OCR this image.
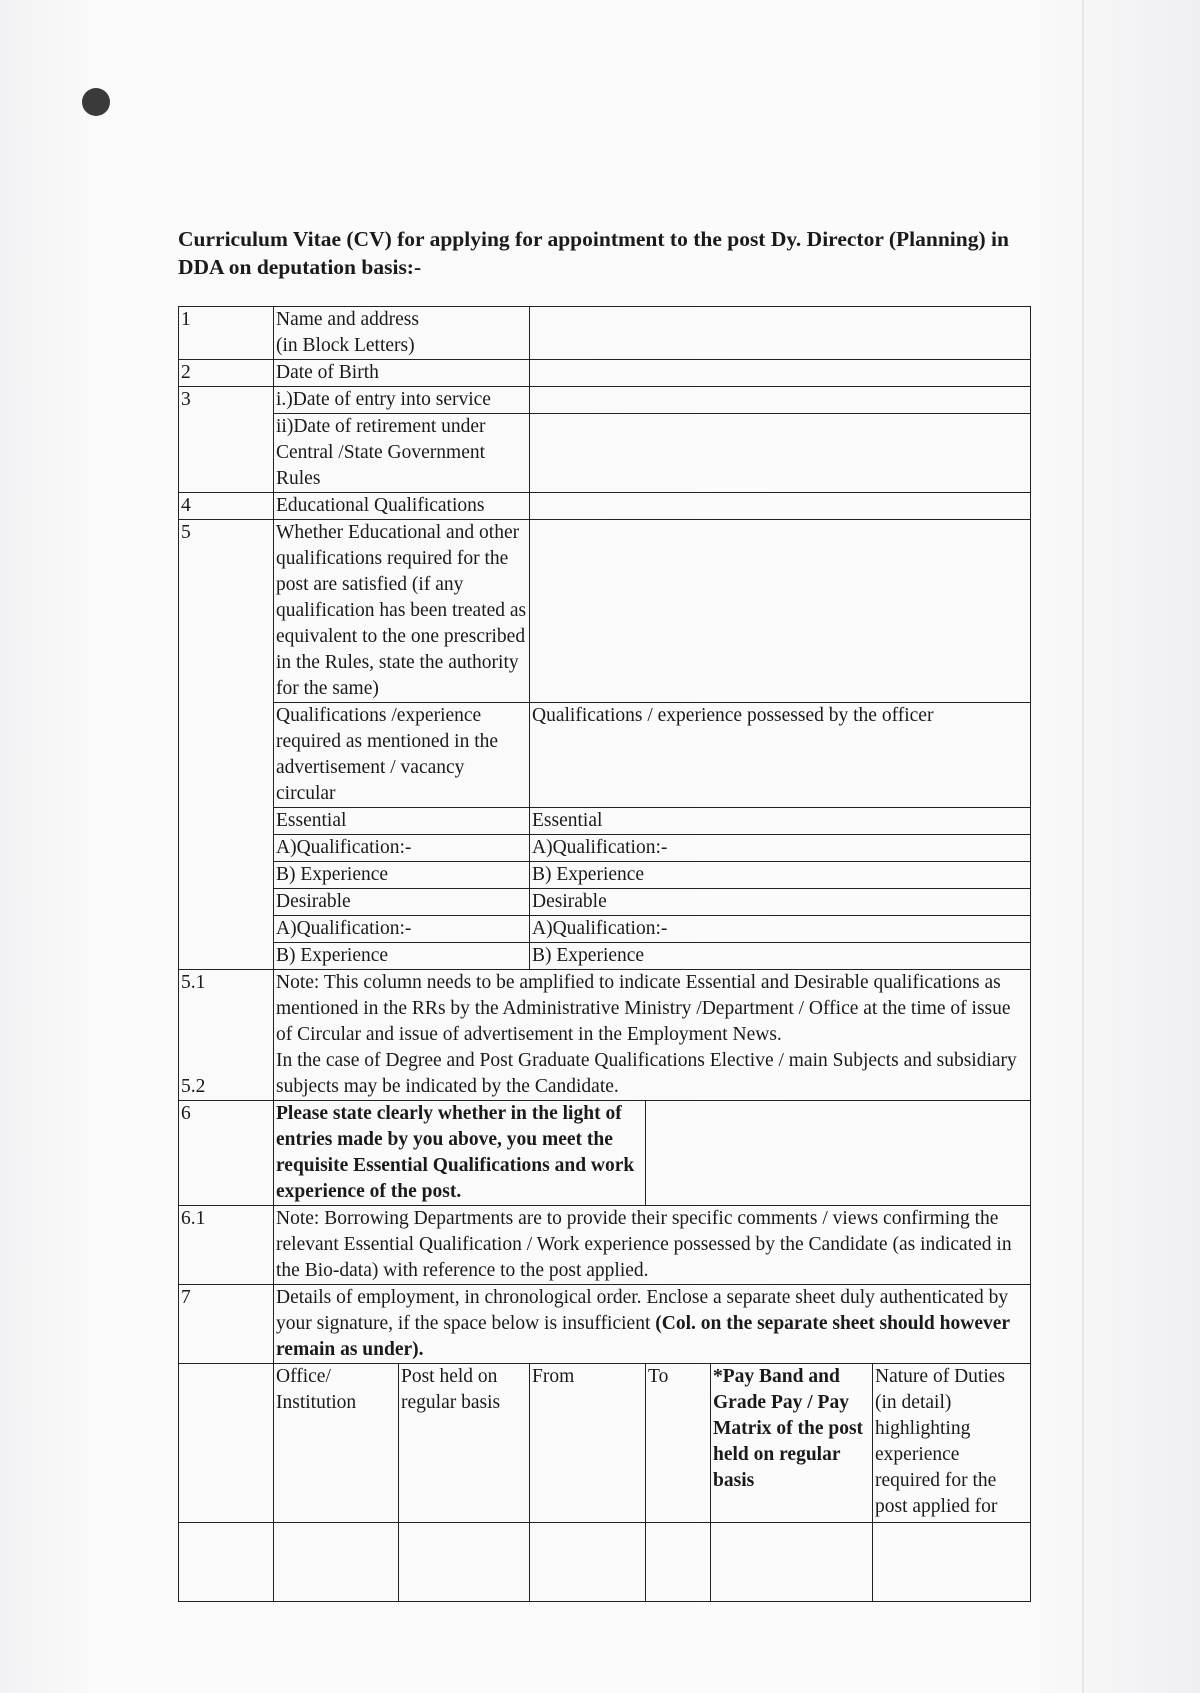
Curriculum Vitae (CV) for applying for appointment to the post Dy. Director (Planning) in DDA on deputation basis:-
1	Name and address
(in Block Letters)					
2	Date of Birth					
3	i.)Date of entry into service					
	ii)Date of retirement under Central /State Government Rules					
4	Educational Qualifications					
5	Whether Educational and other qualifications required for the post are satisfied (if any qualification has been treated as equivalent to the one prescribed in the Rules, state the authority for the same)					
	Qualifications /experience required as mentioned in the advertisement / vacancy circular		Qualifications / experience possessed by the officer			
	Essential		Essential			
	A)Qualification:-		A)Qualification:-			
	B) Experience		B) Experience			
	Desirable		Desirable			
	A)Qualification:-		A)Qualification:-			
	B) Experience		B) Experience			
5.1

5.2	Note: This column needs to be amplified to indicate Essential and Desirable qualifications as mentioned in the RRs by the Administrative Ministry /Department / Office at the time of issue of Circular and issue of advertisement in the Employment News.
In the case of Degree and Post Graduate Qualifications Elective / main Subjects and subsidiary subjects may be indicated by the Candidate.					
6	Please state clearly whether in the light of entries made by you above, you meet the requisite Essential Qualifications and work experience of the post.					
6.1	Note: Borrowing Departments are to provide their specific comments / views confirming the relevant Essential Qualification / Work experience possessed by the Candidate (as indicated in the Bio-data) with reference to the post applied.					
7	Details of employment, in chronological order. Enclose a separate sheet duly authenticated by your signature, if the space below is insufficient (Col. on the separate sheet should however remain as under).					
	Office/ Institution	Post held on regular basis	From	To	*Pay Band and Grade Pay / Pay Matrix of the post held on regular basis	Nature of Duties (in detail) highlighting experience required for the post applied for
